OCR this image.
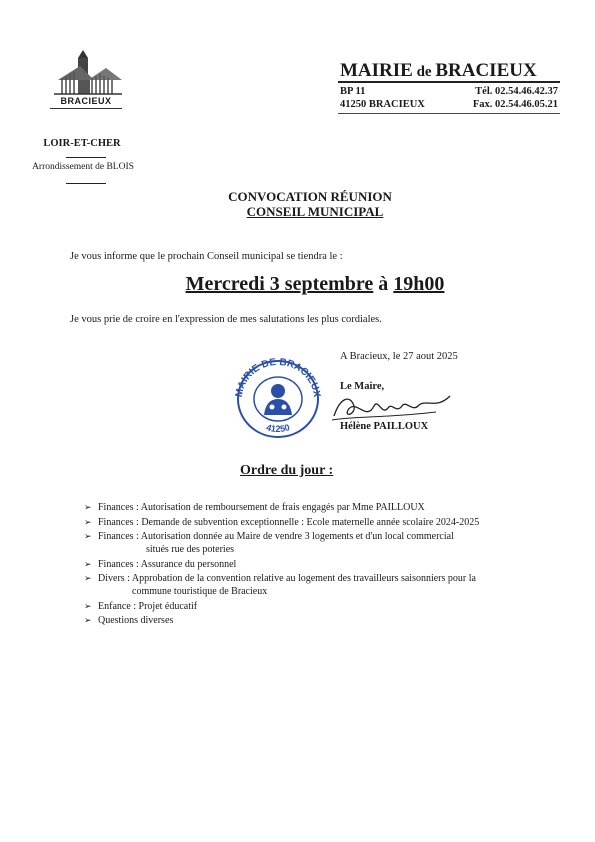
BRACIEUX
LOIR-ET-CHER
Arrondissement de BLOIS
MAIRIE de BRACIEUX
BP 11	Tél. 02.54.46.42.37
41250 BRACIEUX	Fax. 02.54.46.05.21
CONVOCATION RÉUNION
CONSEIL MUNICIPAL
Je vous informe que le prochain Conseil municipal se tiendra le :
Mercredi 3 septembre à 19h00
Je vous prie de croire en l'expression de mes salutations les plus cordiales.
MAIRIE DE BRACIEUX
41250
A Bracieux, le 27 aout 2025
Le Maire,
Hélène PAILLOUX
Ordre du jour :
➢ Finances : Autorisation de remboursement de frais engagés par Mme PAILLOUX
➢ Finances : Demande de subvention exceptionnelle : Ecole maternelle année scolaire 2024-2025
➢ Finances : Autorisation donnée au Maire de vendre 3 logements et d'un local commercial
situés rue des poteries
➢ Finances : Assurance du personnel
➢ Divers : Approbation de la convention relative au logement des travailleurs saisonniers pour la
commune touristique de Bracieux
➢ Enfance : Projet éducatif
➢ Questions diverses
